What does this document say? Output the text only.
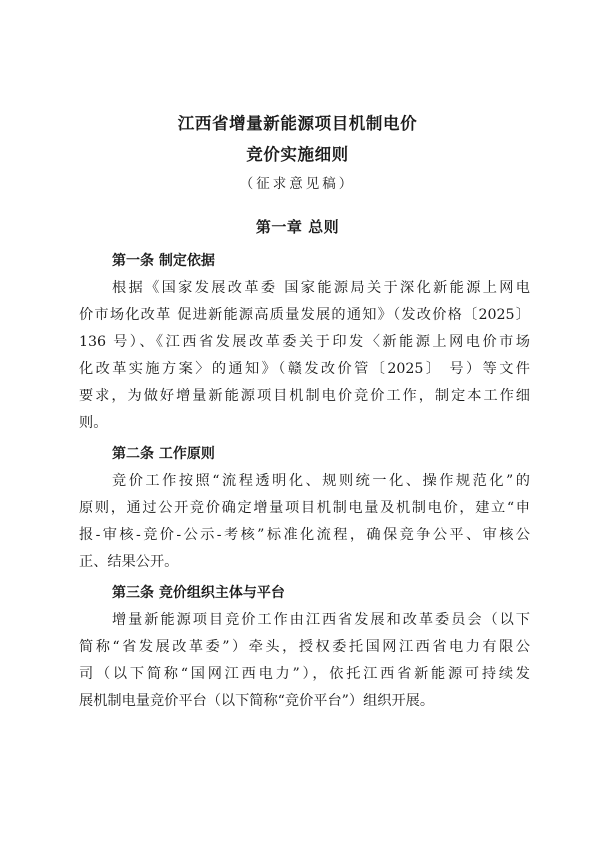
江西省增量新能源项目机制电价

竞价实施细则

（征求意见稿）

第一章 总则

第一条 制定依据

根据《国家发展改革委 国家能源局关于深化新能源上网电

价市场化改革 促进新能源高质量发展的通知》（发改价格〔2025〕

136 号）、《江西省发展改革委关于印发〈新能源上网电价市场

化改革实施方案〉的通知》（赣发改价管〔2025〕 号）等文件

要求，为做好增量新能源项目机制电价竞价工作，制定本工作细

则。

第二条 工作原则

竞价工作按照“流程透明化、规则统一化、操作规范化”的

原则，通过公开竞价确定增量项目机制电量及机制电价，建立“申

报-审核-竞价-公示-考核”标准化流程，确保竞争公平、审核公

正、结果公开。

第三条 竞价组织主体与平台

增量新能源项目竞价工作由江西省发展和改革委员会（以下

简称“省发展改革委”）牵头，授权委托国网江西省电力有限公

司（以下简称“国网江西电力”），依托江西省新能源可持续发

展机制电量竞价平台（以下简称“竞价平台”）组织开展。
